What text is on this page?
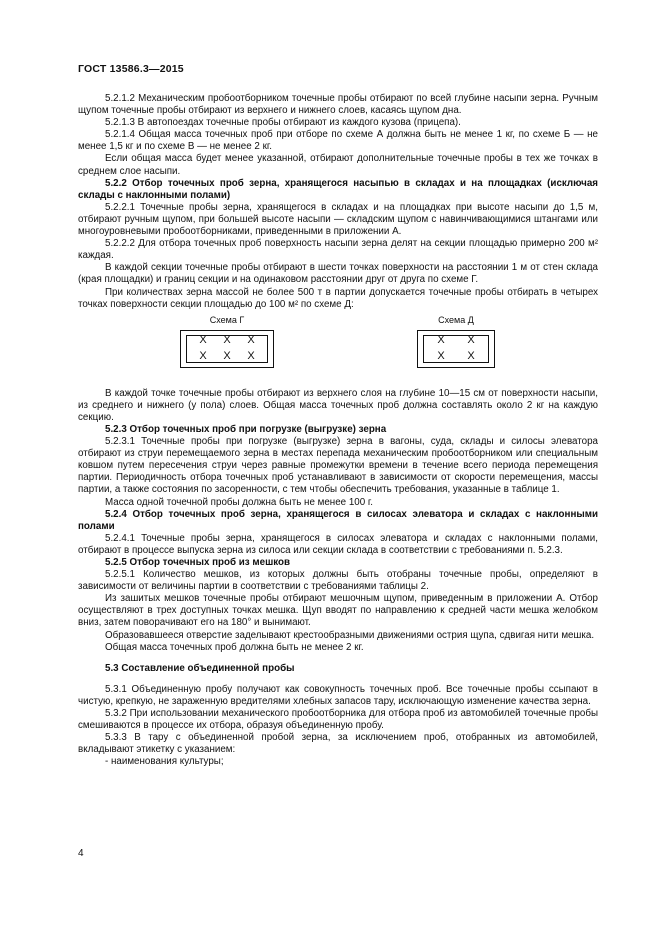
ГОСТ 13586.3—2015

5.2.1.2 Механическим пробоотборником точечные пробы отбирают по всей глубине насыпи зерна. Ручным щупом точечные пробы отбирают из верхнего и нижнего слоев, касаясь щупом дна.

5.2.1.3 В автопоездах точечные пробы отбирают из каждого кузова (прицепа).

5.2.1.4 Общая масса точечных проб при отборе по схеме А должна быть не менее 1 кг, по схеме Б — не менее 1,5 кг и по схеме В — не менее 2 кг.

Если общая масса будет менее указанной, отбирают дополнительные точечные пробы в тех же точках в среднем слое насыпи.

5.2.2 Отбор точечных проб зерна, хранящегося насыпью в складах и на площадках (исключая склады с наклонными полами)

5.2.2.1 Точечные пробы зерна, хранящегося в складах и на площадках при высоте насыпи до 1,5 м, отбирают ручным щупом, при большей высоте насыпи — складским щупом с навинчивающимися штангами или многоуровневыми пробоотборниками, приведенными в приложении А.

5.2.2.2 Для отбора точечных проб поверхность насыпи зерна делят на секции площадью примерно 200 м² каждая.

В каждой секции точечные пробы отбирают в шести точках поверхности на расстоянии 1 м от стен склада (края площадки) и границ секции и на одинаковом расстоянии друг от друга по схеме Г.

При количествах зерна массой не более 500 т в партии допускается точечные пробы отбирать в четырех точках поверхности секции площадью до 100 м² по схеме Д:

Схема Г
X	X	X
X	X	X
Схема Д
X	X
X	X

В каждой точке точечные пробы отбирают из верхнего слоя на глубине 10—15 см от поверхности насыпи, из среднего и нижнего (у пола) слоев. Общая масса точечных проб должна составлять около 2 кг на каждую секцию.

5.2.3 Отбор точечных проб при погрузке (выгрузке) зерна

5.2.3.1 Точечные пробы при погрузке (выгрузке) зерна в вагоны, суда, склады и силосы элеватора отбирают из струи перемещаемого зерна в местах перепада механическим пробоотборником или специальным ковшом путем пересечения струи через равные промежутки времени в течение всего периода перемещения партии. Периодичность отбора точечных проб устанавливают в зависимости от скорости перемещения, массы партии, а также состояния по засоренности, с тем чтобы обеспечить требования, указанные в таблице 1.

Масса одной точечной пробы должна быть не менее 100 г.

5.2.4 Отбор точечных проб зерна, хранящегося в силосах элеватора и складах с наклонными полами

5.2.4.1 Точечные пробы зерна, хранящегося в силосах элеватора и складах с наклонными полами, отбирают в процессе выпуска зерна из силоса или секции склада в соответствии с требованиями п. 5.2.3.

5.2.5 Отбор точечных проб из мешков

5.2.5.1 Количество мешков, из которых должны быть отобраны точечные пробы, определяют в зависимости от величины партии в соответствии с требованиями таблицы 2.

Из зашитых мешков точечные пробы отбирают мешочным щупом, приведенным в приложении А. Отбор осуществляют в трех доступных точках мешка. Щуп вводят по направлению к средней части мешка желобком вниз, затем поворачивают его на 180° и вынимают.

Образовавшееся отверстие заделывают крестообразными движениями острия щупа, сдвигая нити мешка.

Общая масса точечных проб должна быть не менее 2 кг.

5.3 Составление объединенной пробы

5.3.1 Объединенную пробу получают как совокупность точечных проб. Все точечные пробы ссыпают в чистую, крепкую, не зараженную вредителями хлебных запасов тару, исключающую изменение качества зерна.

5.3.2 При использовании механического пробоотборника для отбора проб из автомобилей точечные пробы смешиваются в процессе их отбора, образуя объединенную пробу.

5.3.3 В тару с объединенной пробой зерна, за исключением проб, отобранных из автомобилей, вкладывают этикетку с указанием:

- наименования культуры;

4
